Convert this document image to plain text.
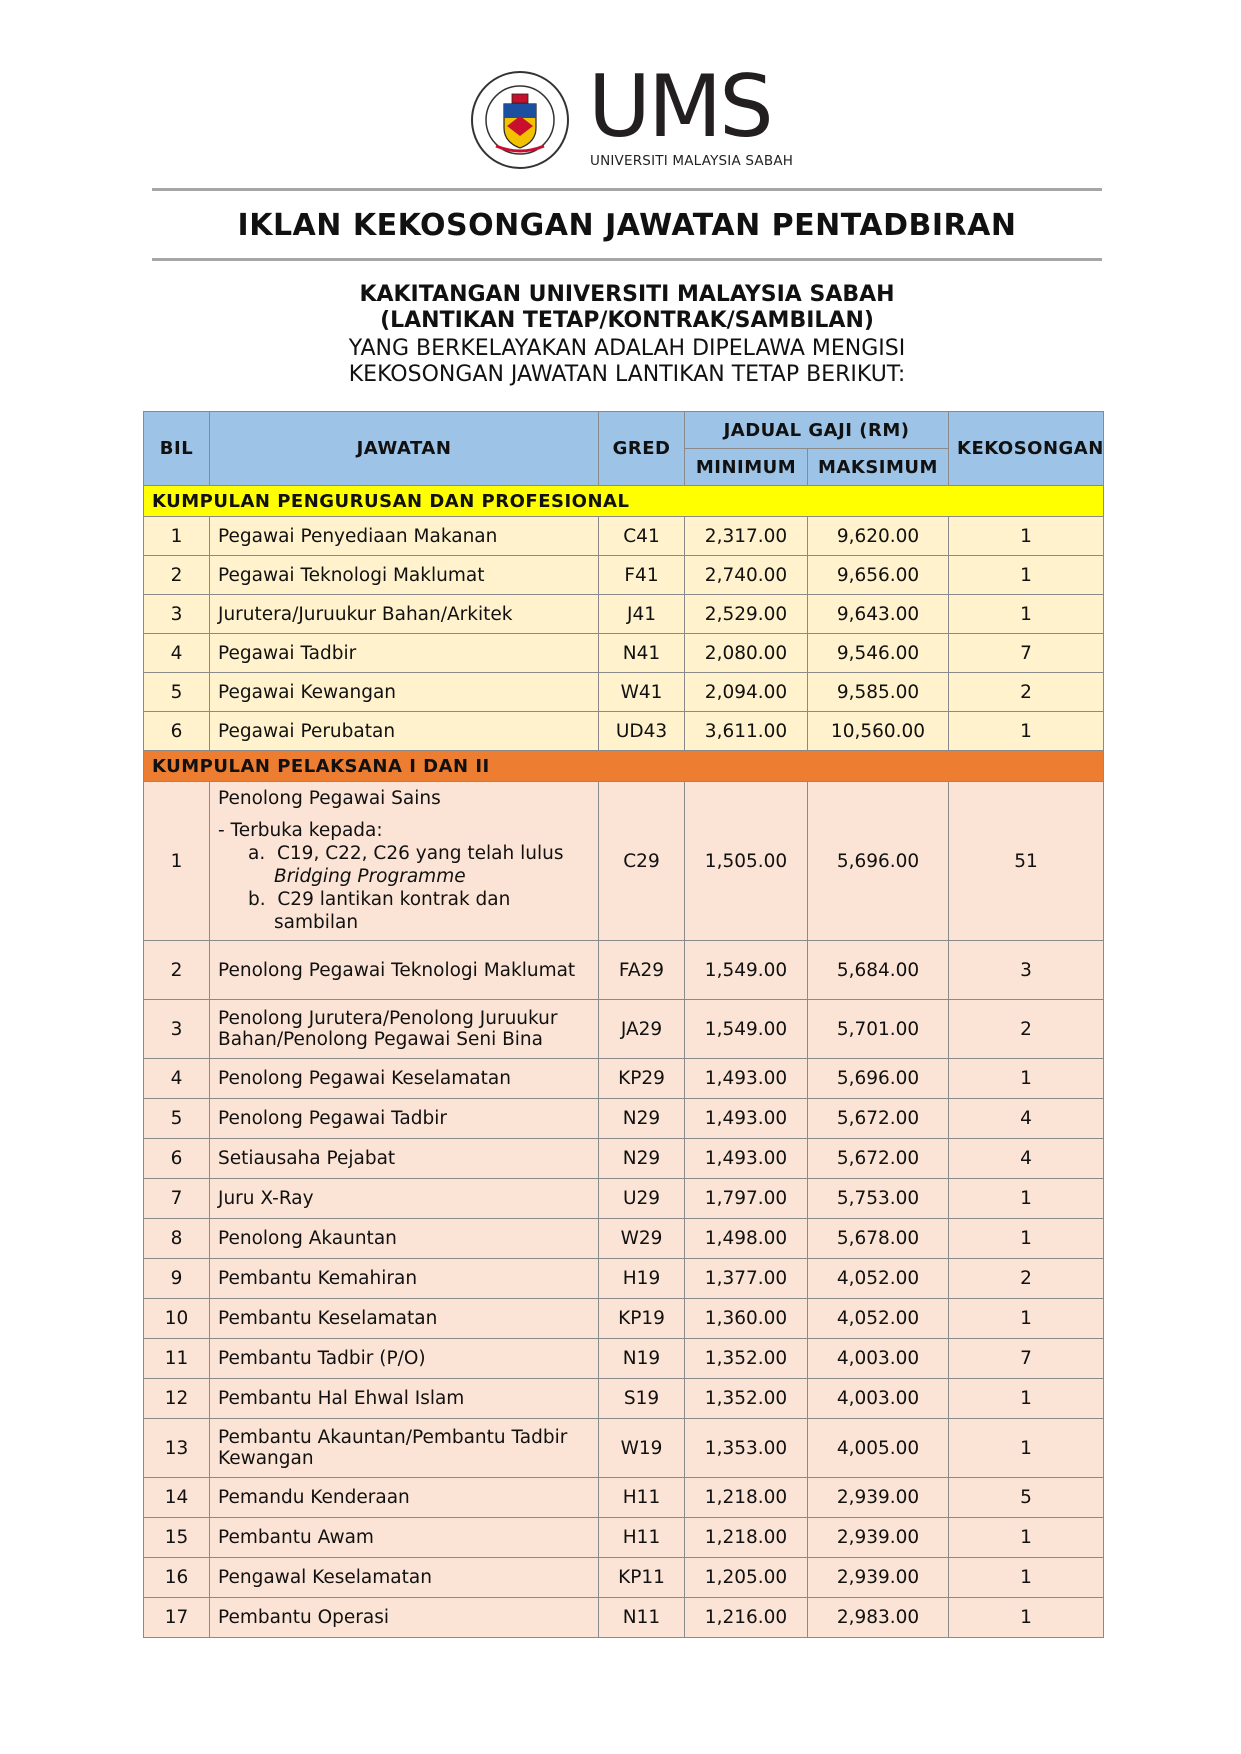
UMS
UNIVERSITI MALAYSIA SABAH
IKLAN KEKOSONGAN JAWATAN PENTADBIRAN
KAKITANGAN UNIVERSITI MALAYSIA SABAH
(LANTIKAN TETAP/KONTRAK/SAMBILAN)
YANG BERKELAYAKAN ADALAH DIPELAWA MENGISI
KEKOSONGAN JAWATAN LANTIKAN TETAP BERIKUT:
BIL	JAWATAN	GRED	JADUAL GAJI (RM)		KEKOSONGAN
			MINIMUM	MAKSIMUM	
KUMPULAN PENGURUSAN DAN PROFESIONAL					
1	Pegawai Penyediaan Makanan	C41	2,317.00	9,620.00	1
2	Pegawai Teknologi Maklumat	F41	2,740.00	9,656.00	1
3	Jurutera/Juruukur Bahan/Arkitek	J41	2,529.00	9,643.00	1
4	Pegawai Tadbir	N41	2,080.00	9,546.00	7
5	Pegawai Kewangan	W41	2,094.00	9,585.00	2
6	Pegawai Perubatan	UD43	3,611.00	10,560.00	1
KUMPULAN PELAKSANA I DAN II					
1	Penolong Pegawai Sains
- Terbuka kepada:
a. C19, C22, C26 yang telah lulus
Bridging Programme
b. C29 lantikan kontrak dan sambilan	C29	1,505.00	5,696.00	51
2	Penolong Pegawai Teknologi Maklumat	FA29	1,549.00	5,684.00	3
3	Penolong Jurutera/Penolong Juruukur Bahan/Penolong Pegawai Seni Bina	JA29	1,549.00	5,701.00	2
4	Penolong Pegawai Keselamatan	KP29	1,493.00	5,696.00	1
5	Penolong Pegawai Tadbir	N29	1,493.00	5,672.00	4
6	Setiausaha Pejabat	N29	1,493.00	5,672.00	4
7	Juru X-Ray	U29	1,797.00	5,753.00	1
8	Penolong Akauntan	W29	1,498.00	5,678.00	1
9	Pembantu Kemahiran	H19	1,377.00	4,052.00	2
10	Pembantu Keselamatan	KP19	1,360.00	4,052.00	1
11	Pembantu Tadbir (P/O)	N19	1,352.00	4,003.00	7
12	Pembantu Hal Ehwal Islam	S19	1,352.00	4,003.00	1
13	Pembantu Akauntan/Pembantu Tadbir Kewangan	W19	1,353.00	4,005.00	1
14	Pemandu Kenderaan	H11	1,218.00	2,939.00	5
15	Pembantu Awam	H11	1,218.00	2,939.00	1
16	Pengawal Keselamatan	KP11	1,205.00	2,939.00	1
17	Pembantu Operasi	N11	1,216.00	2,983.00	1
